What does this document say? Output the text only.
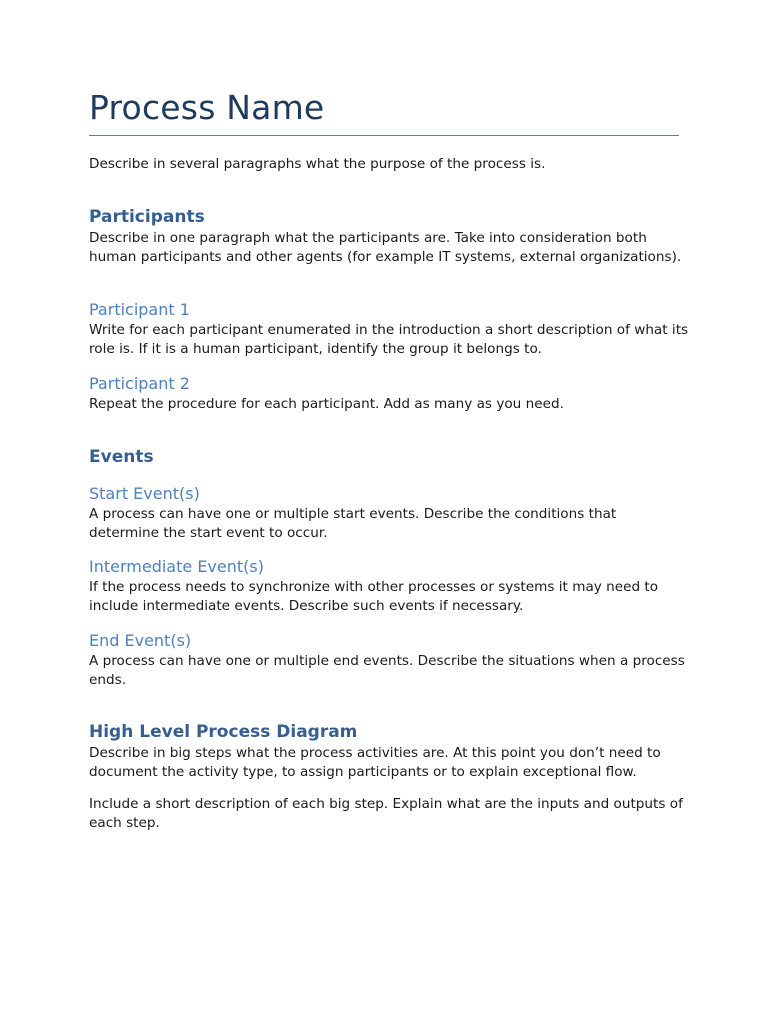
Process Name

Describe in several paragraphs what the purpose of the process is.

Participants

Describe in one paragraph what the participants are. Take into consideration both human participants and other agents (for example IT systems, external organizations).

Participant 1

Write for each participant enumerated in the introduction a short description of what its role is. If it is a human participant, identify the group it belongs to.

Participant 2

Repeat the procedure for each participant. Add as many as you need.

Events
Start Event(s)

A process can have one or multiple start events. Describe the conditions that determine the start event to occur.

Intermediate Event(s)

If the process needs to synchronize with other processes or systems it may need to include intermediate events. Describe such events if necessary.

End Event(s)

A process can have one or multiple end events. Describe the situations when a process ends.

High Level Process Diagram

Describe in big steps what the process activities are. At this point you don’t need to document the activity type, to assign participants or to explain exceptional flow.

Include a short description of each big step. Explain what are the inputs and outputs of each step.
